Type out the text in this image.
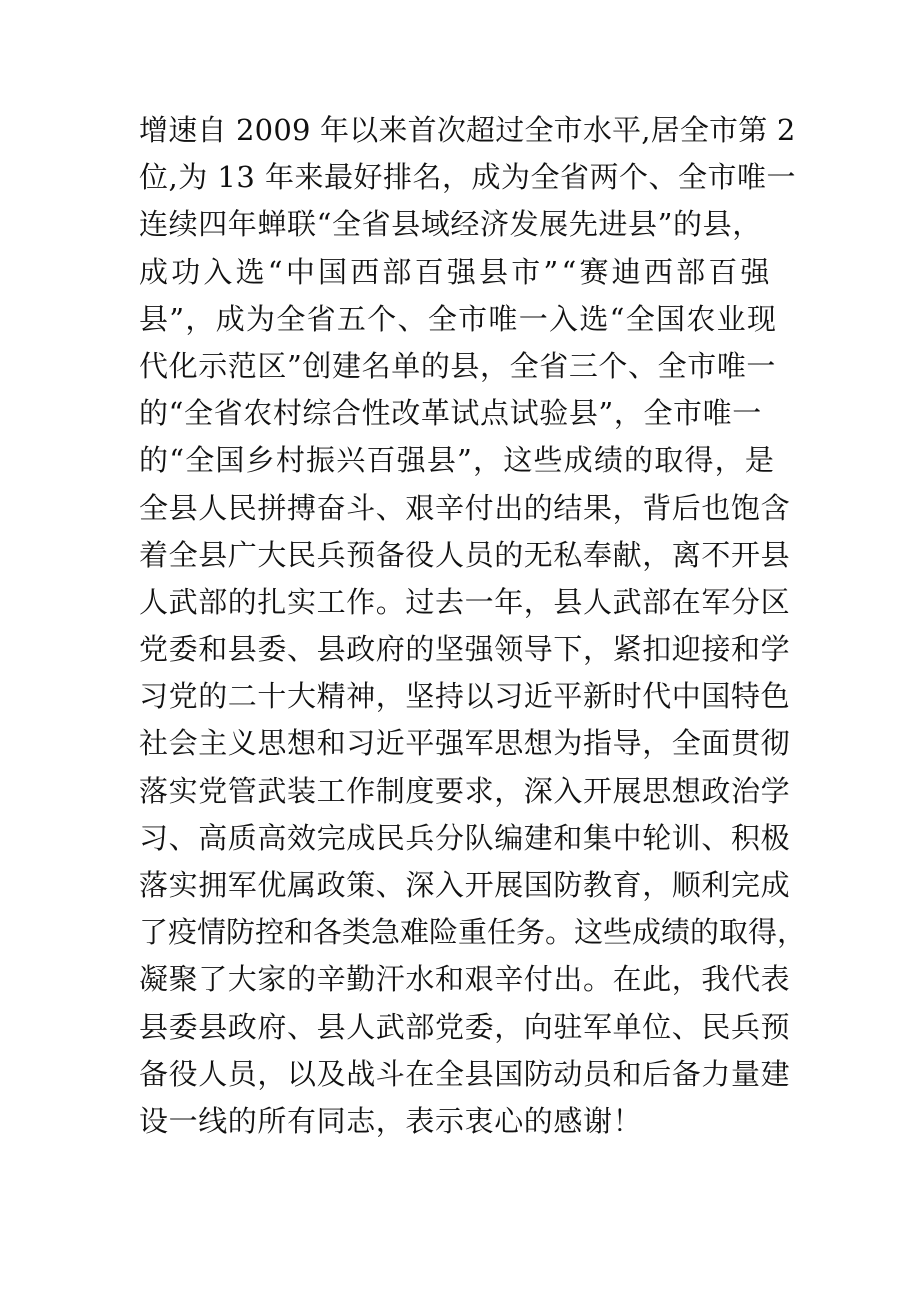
增速自 2009 年以来首次超过全市水平,居全市第 2
位,为 13 年来最好排名，成为全省两个、全市唯一
连续四年蝉联“全省县域经济发展先进县”的县，
成功入选“中国西部百强县市”“赛迪西部百强
县”，成为全省五个、全市唯一入选“全国农业现
代化示范区”创建名单的县，全省三个、全市唯一
的“全省农村综合性改革试点试验县”，全市唯一
的“全国乡村振兴百强县”，这些成绩的取得，是
全县人民拼搏奋斗、艰辛付出的结果，背后也饱含
着全县广大民兵预备役人员的无私奉献，离不开县
人武部的扎实工作。过去一年，县人武部在军分区
党委和县委、县政府的坚强领导下，紧扣迎接和学
习党的二十大精神，坚持以习近平新时代中国特色
社会主义思想和习近平强军思想为指导，全面贯彻
落实党管武装工作制度要求，深入开展思想政治学
习、高质高效完成民兵分队编建和集中轮训、积极
落实拥军优属政策、深入开展国防教育，顺利完成
了疫情防控和各类急难险重任务。这些成绩的取得，
凝聚了大家的辛勤汗水和艰辛付出。在此，我代表
县委县政府、县人武部党委，向驻军单位、民兵预
备役人员，以及战斗在全县国防动员和后备力量建
设一线的所有同志，表示衷心的感谢！
